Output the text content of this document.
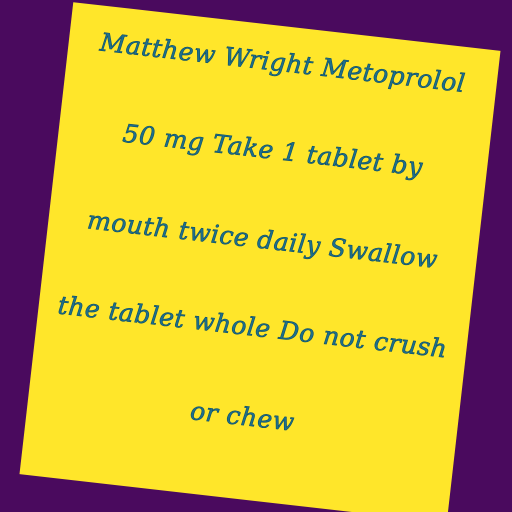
Matthew Wright Metoprolol
50 mg Take 1 tablet by
mouth twice daily Swallow
the tablet whole Do not crush
or chew
